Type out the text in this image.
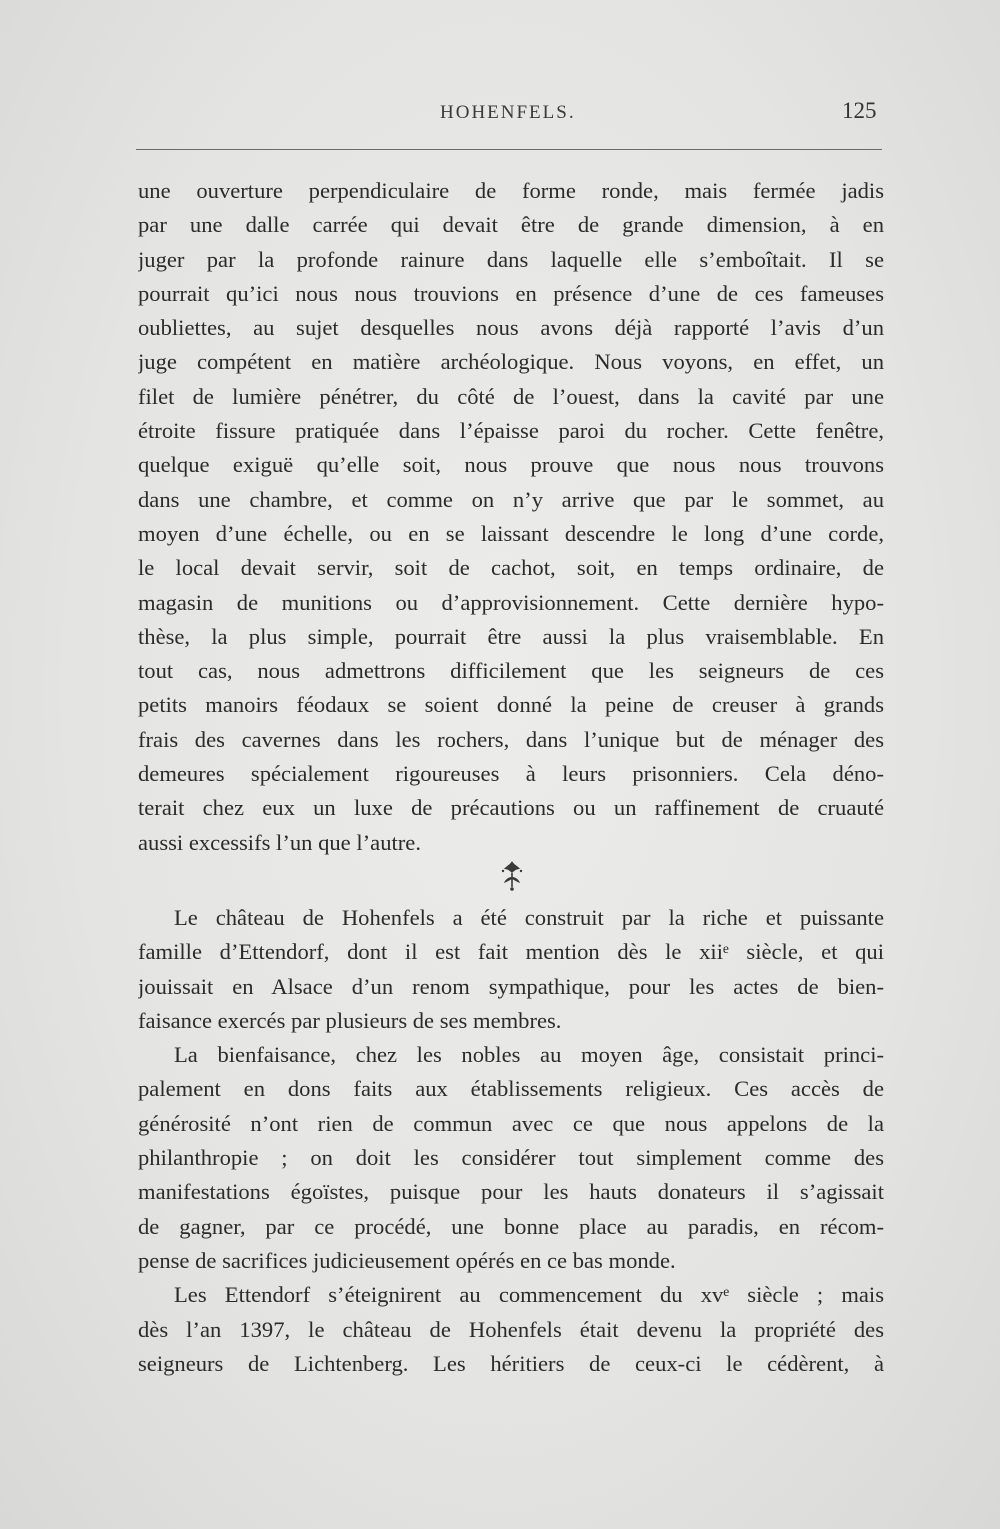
HOHENFELS.	125
une ouverture perpendiculaire de forme ronde, mais fermée jadis
par une dalle carrée qui devait être de grande dimension, à en
juger par la profonde rainure dans laquelle elle s’emboîtait. Il se
pourrait qu’ici nous nous trouvions en présence d’une de ces fameuses
oubliettes, au sujet desquelles nous avons déjà rapporté l’avis d’un
juge compétent en matière archéologique. Nous voyons, en effet, un
filet de lumière pénétrer, du côté de l’ouest, dans la cavité par une
étroite fissure pratiquée dans l’épaisse paroi du rocher. Cette fenêtre,
quelque exiguë qu’elle soit, nous prouve que nous nous trouvons
dans une chambre, et comme on n’y arrive que par le sommet, au
moyen d’une échelle, ou en se laissant descendre le long d’une corde,
le local devait servir, soit de cachot, soit, en temps ordinaire, de
magasin de munitions ou d’approvisionnement. Cette dernière hypo-
thèse, la plus simple, pourrait être aussi la plus vraisemblable. En
tout cas, nous admettrons difficilement que les seigneurs de ces
petits manoirs féodaux se soient donné la peine de creuser à grands
frais des cavernes dans les rochers, dans l’unique but de ménager des
demeures spécialement rigoureuses à leurs prisonniers. Cela déno-
terait chez eux un luxe de précautions ou un raffinement de cruauté
aussi excessifs l’un que l’autre.
Le château de Hohenfels a été construit par la riche et puissante
famille d’Ettendorf, dont il est fait mention dès le xiiᵉ siècle, et qui
jouissait en Alsace d’un renom sympathique, pour les actes de bien-
faisance exercés par plusieurs de ses membres.
La bienfaisance, chez les nobles au moyen âge, consistait princi-
palement en dons faits aux établissements religieux. Ces accès de
générosité n’ont rien de commun avec ce que nous appelons de la
philanthropie ; on doit les considérer tout simplement comme des
manifestations égoïstes, puisque pour les hauts donateurs il s’agissait
de gagner, par ce procédé, une bonne place au paradis, en récom-
pense de sacrifices judicieusement opérés en ce bas monde.
Les Ettendorf s’éteignirent au commencement du xvᵉ siècle ; mais
dès l’an 1397, le château de Hohenfels était devenu la propriété des
seigneurs de Lichtenberg. Les héritiers de ceux-ci le cédèrent, à
